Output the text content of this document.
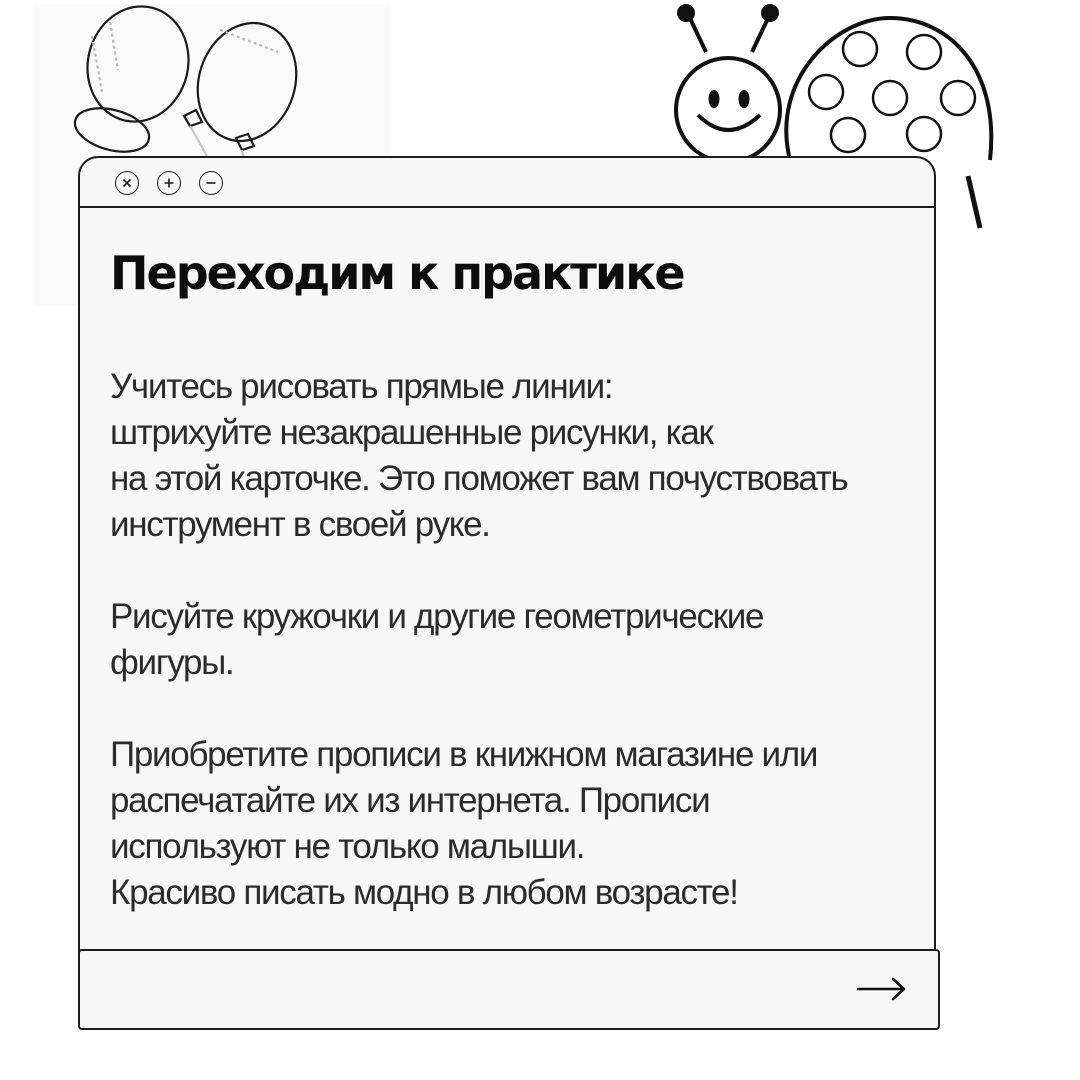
Переходим к практике

Учитесь рисовать прямые линии:
штрихуйте незакрашенные рисунки, как
на этой карточке. Это поможет вам почуствовать
инструмент в своей руке.

Рисуйте кружочки и другие геометрические
фигуры.

Приобретите прописи в книжном магазине или
распечатайте их из интернета. Прописи
используют не только малыши.
Красиво писать модно в любом возрасте!
